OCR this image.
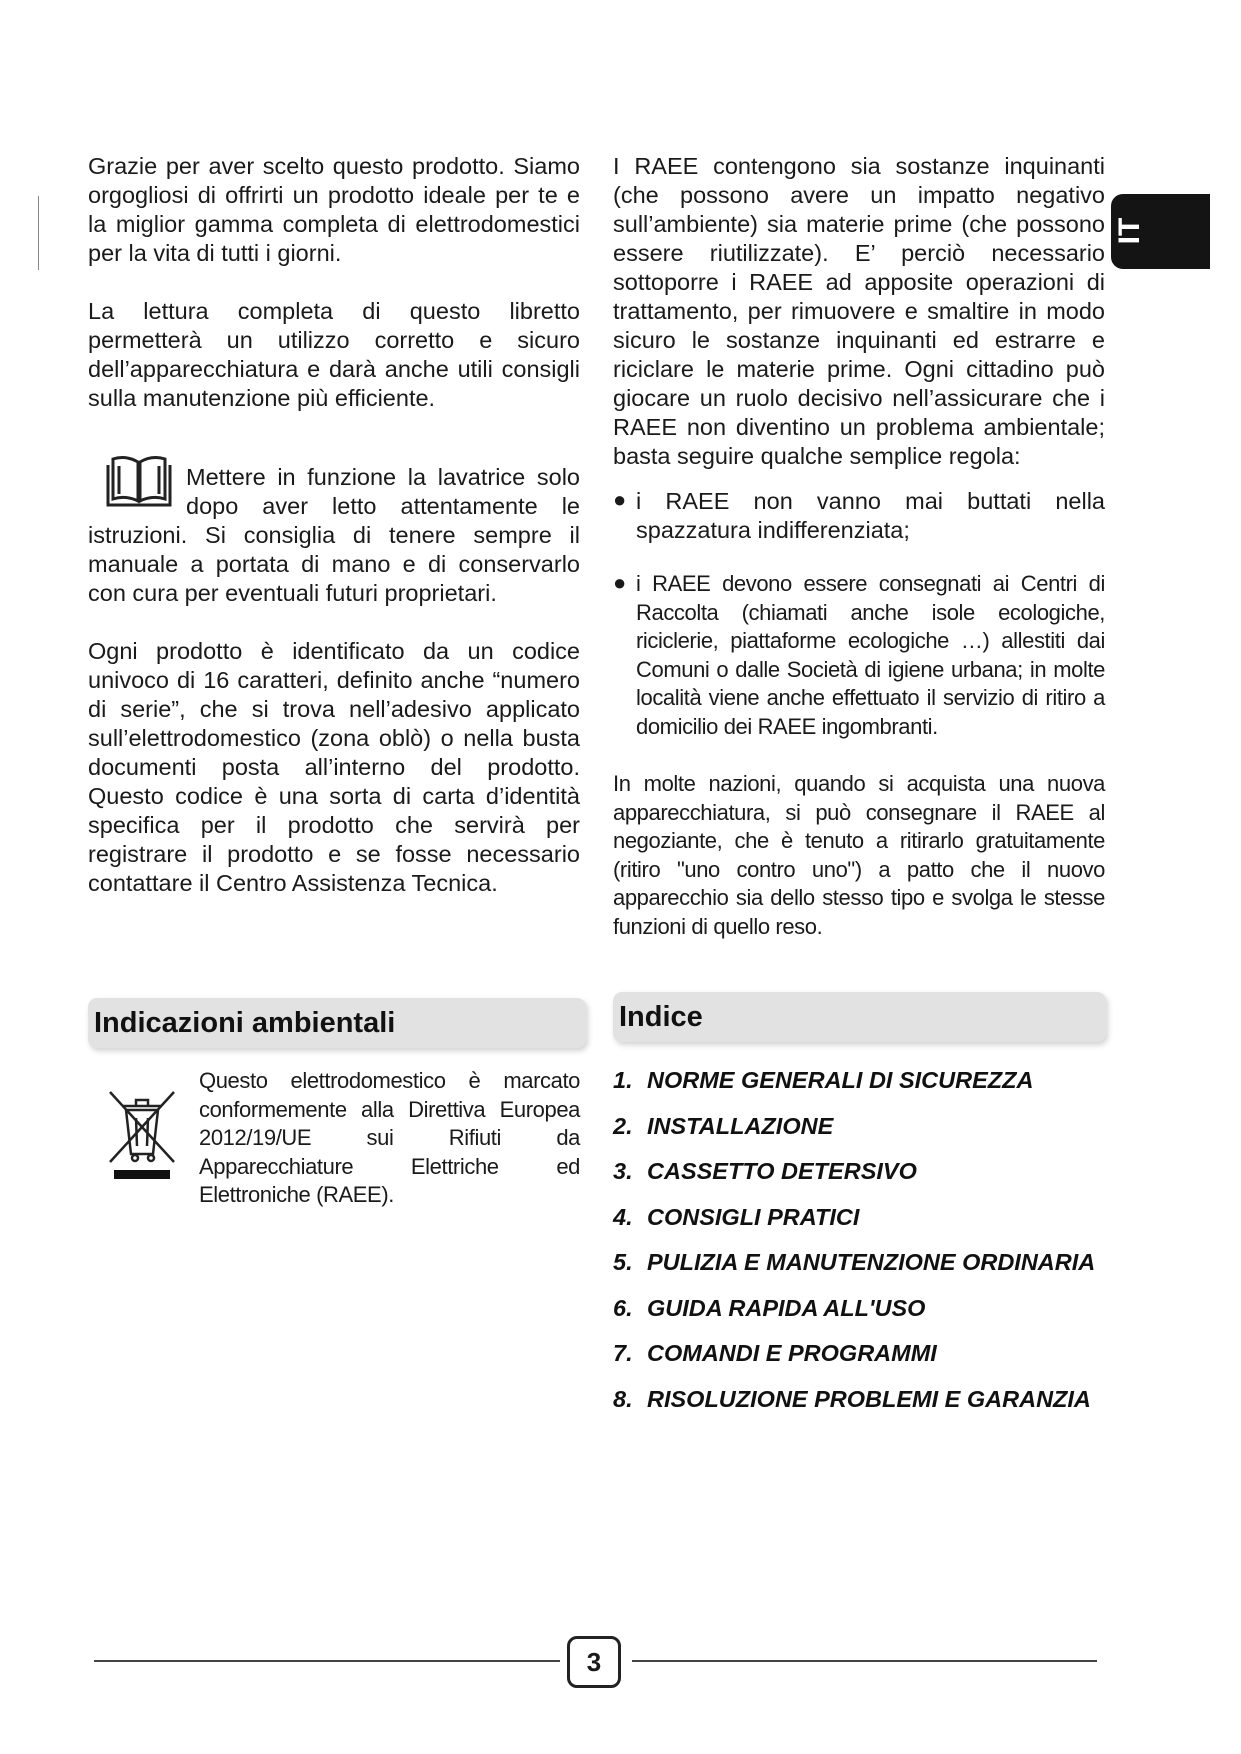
Grazie per aver scelto questo prodotto. Siamo orgogliosi di offrirti un prodotto ideale per te e la miglior gamma completa di elettrodomestici per la vita di tutti i giorni.

La lettura completa di questo libretto permetterà un utilizzo corretto e sicuro dell’apparecchiatura e darà anche utili consigli sulla manutenzione più efficiente.

Mettere in funzione la lavatrice solo dopo aver letto attentamente le istruzioni. Si consiglia di tenere sempre il manuale a portata di mano e di conservarlo con cura per eventuali futuri proprietari.

Ogni prodotto è identificato da un codice univoco di 16 caratteri, definito anche “numero di serie”, che si trova nell’adesivo applicato sull’elettrodomestico (zona oblò) o nella busta documenti posta all’interno del prodotto. Questo codice è una sorta di carta d’identità specifica per il prodotto che servirà per registrare il prodotto e se fosse necessario contattare il Centro Assistenza Tecnica.

Indicazioni ambientali

Questo elettrodomestico è marcato conformemente alla Direttiva Europea 2012/19/UE sui Rifiuti da Apparecchiature Elettriche ed Elettroniche (RAEE).

I RAEE contengono sia sostanze inquinanti (che possono avere un impatto negativo sull’ambiente) sia materie prime (che possono essere riutilizzate). E’ perciò necessario sottoporre i RAEE ad apposite operazioni di trattamento, per rimuovere e smaltire in modo sicuro le sostanze inquinanti ed estrarre e riciclare le materie prime. Ogni cittadino può giocare un ruolo decisivo nell’assicurare che i RAEE non diventino un problema ambientale; basta seguire qualche semplice regola:

● i RAEE non vanno mai buttati nella spazzatura indifferenziata;

● i RAEE devono essere consegnati ai Centri di Raccolta (chiamati anche isole ecologiche, riciclerie, piattaforme ecologiche …) allestiti dai Comuni o dalle Società di igiene urbana; in molte località viene anche effettuato il servizio di ritiro a domicilio dei RAEE ingombranti.

In molte nazioni, quando si acquista una nuova apparecchiatura, si può consegnare il RAEE al negoziante, che è tenuto a ritirarlo gratuitamente (ritiro "uno contro uno") a patto che il nuovo apparecchio sia dello stesso tipo e svolga le stesse funzioni di quello reso.

Indice
1. NORME GENERALI DI SICUREZZA
2. INSTALLAZIONE
3. CASSETTO DETERSIVO
4. CONSIGLI PRATICI
5. PULIZIA E MANUTENZIONE ORDINARIA
6. GUIDA RAPIDA ALL'USO
7. COMANDI E PROGRAMMI
8. RISOLUZIONE PROBLEMI E GARANZIA
IT
3
